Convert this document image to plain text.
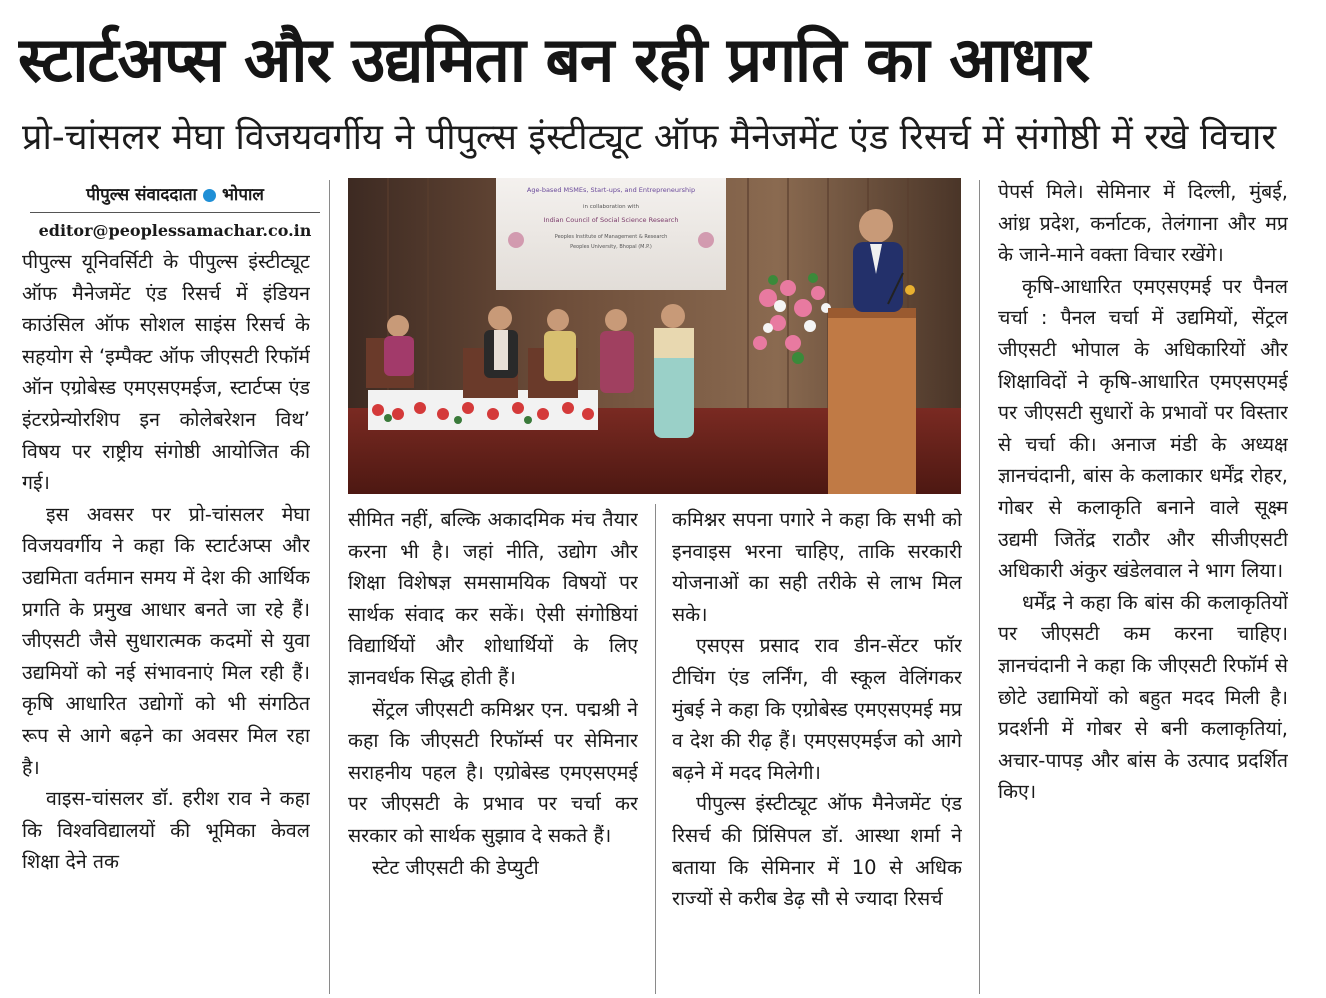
स्टार्टअप्स और उद्यमिता बन रही प्रगति का आधार
प्रो-चांसलर मेघा विजयवर्गीय ने पीपुल्स इंस्टीट्यूट ऑफ मैनेजमेंट एंड रिसर्च में संगोष्ठी में रखे विचार
पीपुल्स संवाददाता भोपाल
editor@peoplessamachar.co.in
Age-based MSMEs, Start-ups, and Entrepreneurship
in collaboration with
Indian Council of Social Science Research
Peoples Institute of Management & Research
Peoples University, Bhopal (M.P.)

पीपुल्स यूनिवर्सिटी के पीपुल्स इंस्टीट्यूट ऑफ मैनेजमेंट एंड रिसर्च में इंडियन काउंसिल ऑफ सोशल साइंस रिसर्च के सहयोग से ‘इम्पैक्ट ऑफ जीएसटी रिफॉर्म ऑन एग्रोबेस्ड एमएसएमईज, स्टार्टप्स एंड इंटरप्रेन्योरशिप इन कोलेबरेशन विथ’ विषय पर राष्ट्रीय संगोष्ठी आयोजित की गई।

इस अवसर पर प्रो-चांसलर मेघा विजयवर्गीय ने कहा कि स्टार्टअप्स और उद्यमिता वर्तमान समय में देश की आर्थिक प्रगति के प्रमुख आधार बनते जा रहे हैं। जीएसटी जैसे सुधारात्मक कदमों से युवा उद्यमियों को नई संभावनाएं मिल रही हैं। कृषि आधारित उद्योगों को भी संगठित रूप से आगे बढ़ने का अवसर मिल रहा है।

वाइस-चांसलर डॉ. हरीश राव ने कहा कि विश्वविद्यालयों की भूमिका केवल शिक्षा देने तक

सीमित नहीं, बल्कि अकादमिक मंच तैयार करना भी है। जहां नीति, उद्योग और शिक्षा विशेषज्ञ समसामयिक विषयों पर सार्थक संवाद कर सकें। ऐसी संगोष्ठियां विद्यार्थियों और शोधार्थियों के लिए ज्ञानवर्धक सिद्ध होती हैं।

सेंट्रल जीएसटी कमिश्नर एन. पद्मश्री ने कहा कि जीएसटी रिफॉर्म्स पर सेमिनार सराहनीय पहल है। एग्रोबेस्ड एमएसएमई पर जीएसटी के प्रभाव पर चर्चा कर सरकार को सार्थक सुझाव दे सकते हैं।

स्टेट जीएसटी की डेप्युटी

कमिश्नर सपना पगारे ने कहा कि सभी को इनवाइस भरना चाहिए, ताकि सरकारी योजनाओं का सही तरीके से लाभ मिल सके।

एसएस प्रसाद राव डीन-सेंटर फॉर टीचिंग एंड लर्निंग, वी स्कूल वेलिंगकर मुंबई ने कहा कि एग्रोबेस्ड एमएसएमई मप्र व देश की रीढ़ हैं। एमएसएमईज को आगे बढ़ने में मदद मिलेगी।

पीपुल्स इंस्टीट्यूट ऑफ मैनेजमेंट एंड रिसर्च की प्रिंसिपल डॉ. आस्था शर्मा ने बताया कि सेमिनार में 10 से अधिक राज्यों से करीब डेढ़ सौ से ज्यादा रिसर्च

पेपर्स मिले। सेमिनार में दिल्ली, मुंबई, आंध्र प्रदेश, कर्नाटक, तेलंगाना और मप्र के जाने-माने वक्ता विचार रखेंगे।

कृषि-आधारित एमएसएमई पर पैनल चर्चा : पैनल चर्चा में उद्यमियों, सेंट्रल जीएसटी भोपाल के अधिकारियों और शिक्षाविदों ने कृषि-आधारित एमएसएमई पर जीएसटी सुधारों के प्रभावों पर विस्तार से चर्चा की। अनाज मंडी के अध्यक्ष ज्ञानचंदानी, बांस के कलाकार धर्मेंद्र रोहर, गोबर से कलाकृति बनाने वाले सूक्ष्म उद्यमी जितेंद्र राठौर और सीजीएसटी अधिकारी अंकुर खंडेलवाल ने भाग लिया।

धर्मेंद्र ने कहा कि बांस की कलाकृतियों पर जीएसटी कम करना चाहिए। ज्ञानचंदानी ने कहा कि जीएसटी रिफॉर्म से छोटे उद्यामियों को बहुत मदद मिली है। प्रदर्शनी में गोबर से बनी कलाकृतियां, अचार-पापड़ और बांस के उत्पाद प्रदर्शित किए।
